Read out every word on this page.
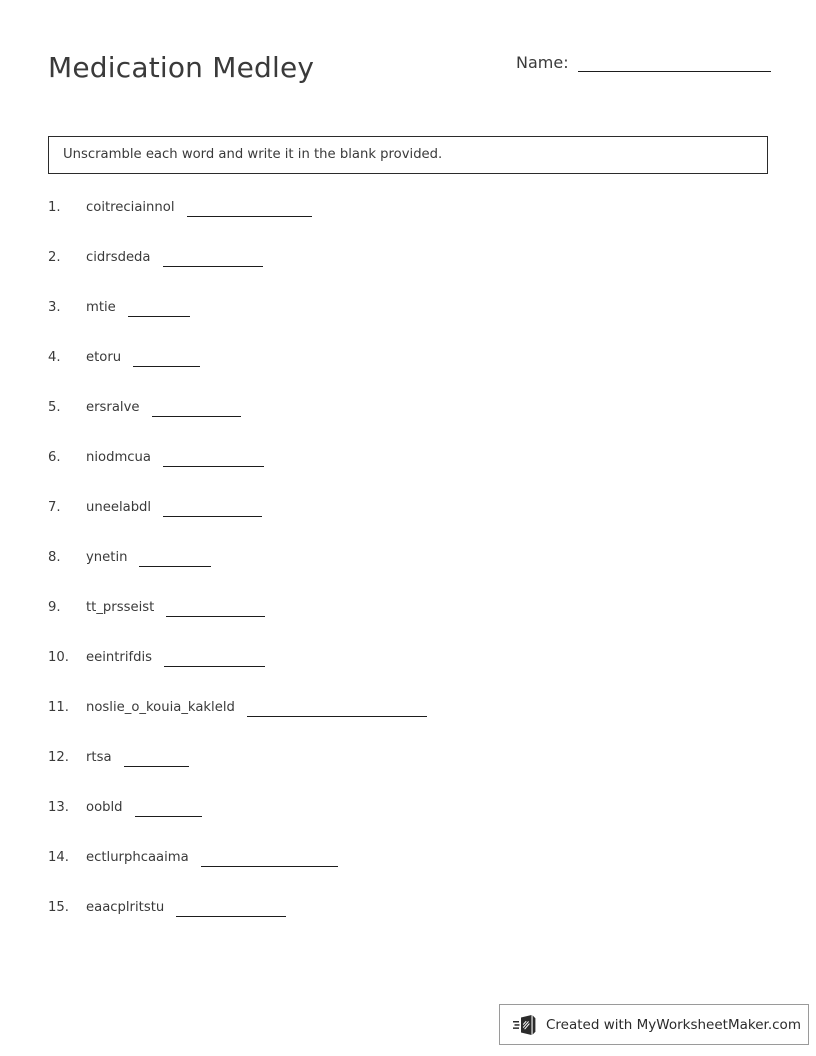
Medication Medley	Name:
Unscramble each word and write it in the blank provided.
1.	coitreciainnol
2.	cidrsdeda
3.	mtie
4.	etoru
5.	ersralve
6.	niodmcua
7.	uneelabdl
8.	ynetin
9.	tt_prsseist
10.	eeintrifdis
11.	noslie_o_kouia_kakleld
12.	rtsa
13.	oobld
14.	ectlurphcaaima
15.	eaacplritstu
Created with MyWorksheetMaker.com
